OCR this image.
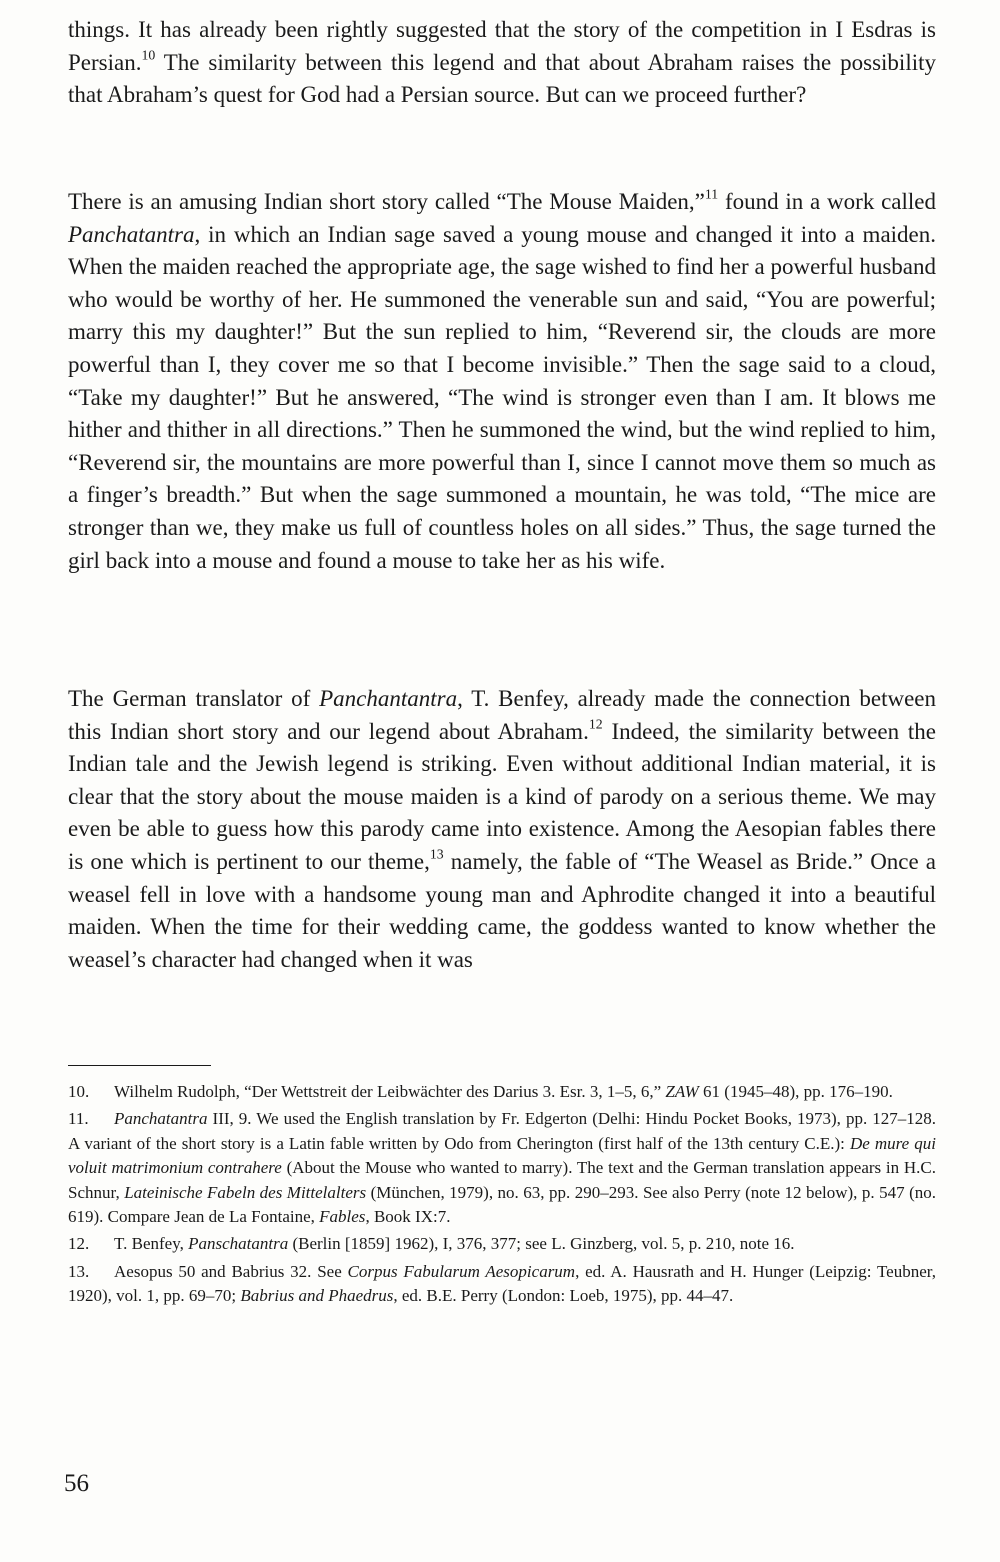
things. It has already been rightly suggested that the story of the competition in I Esdras is Persian.$^{10}$ The similarity between this legend and that about Abraham raises the possibility that Abraham’s quest for God had a Persian source. But can we proceed further?

There is an amusing Indian short story called “The Mouse Maiden,”$^{11}$ found in a work called Panchatantra, in which an Indian sage saved a young mouse and changed it into a maiden. When the maiden reached the appropriate age, the sage wished to find her a powerful husband who would be worthy of her. He summoned the venerable sun and said, “You are powerful; marry this my daughter!” But the sun replied to him, “Reverend sir, the clouds are more powerful than I, they cover me so that I become invisible.” Then the sage said to a cloud, “Take my daughter!” But he answered, “The wind is stronger even than I am. It blows me hither and thither in all directions.” Then he summoned the wind, but the wind replied to him, “Reverend sir, the mountains are more powerful than I, since I cannot move them so much as a finger’s breadth.” But when the sage summoned a mountain, he was told, “The mice are stronger than we, they make us full of countless holes on all sides.” Thus, the sage turned the girl back into a mouse and found a mouse to take her as his wife.

The German translator of Panchantantra, T. Benfey, already made the connection between this Indian short story and our legend about Abraham.$^{12}$ Indeed, the similarity between the Indian tale and the Jewish legend is striking. Even without additional Indian material, it is clear that the story about the mouse maiden is a kind of parody on a serious theme. We may even be able to guess how this parody came into existence. Among the Aesopian fables there is one which is pertinent to our theme,$^{13}$ namely, the fable of “The Weasel as Bride.” Once a weasel fell in love with a handsome young man and Aphrodite changed it into a beautiful maiden. When the time for their wedding came, the goddess wanted to know whether the weasel’s character had changed when it was

10. Wilhelm Rudolph, “Der Wettstreit der Leibwächter des Darius 3. Esr. 3, 1–5, 6,” ZAW 61 (1945–48), pp. 176–190.

11. Panchatantra III, 9. We used the English translation by Fr. Edgerton (Delhi: Hindu Pocket Books, 1973), pp. 127–128. A variant of the short story is a Latin fable written by Odo from Cherington (first half of the 13th century C.E.): De mure qui voluit matrimonium contrahere (About the Mouse who wanted to marry). The text and the German translation appears in H.C. Schnur, Lateinische Fabeln des Mittelalters (München, 1979), no. 63, pp. 290–293. See also Perry (note 12 below), p. 547 (no. 619). Compare Jean de La Fontaine, Fables, Book IX:7.

12. T. Benfey, Panschatantra (Berlin [1859] 1962), I, 376, 377; see L. Ginzberg, vol. 5, p. 210, note 16.

13. Aesopus 50 and Babrius 32. See Corpus Fabularum Aesopicarum, ed. A. Hausrath and H. Hunger (Leipzig: Teubner, 1920), vol. 1, pp. 69–70; Babrius and Phaedrus, ed. B.E. Perry (London: Loeb, 1975), pp. 44–47.

56
